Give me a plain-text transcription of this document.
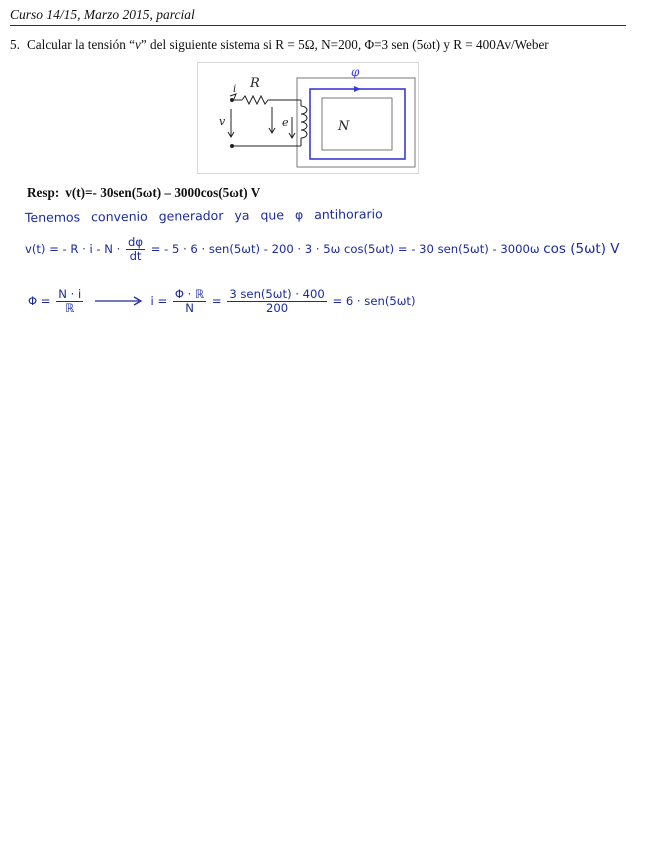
Curso 14/15, Marzo 2015, parcial
5. Calcular la tensión “v” del siguiente sistema si R = 5Ω, N=200, Φ=3 sen (5ωt) y R = 400Av/Weber
φ
i R
v	e	N
Resp: v(t)=- 30sen(5ωt) – 3000cos(5ωt) V
Tenemos convenio generador ya que φ antihorario
v(t) = - $R \cdot i - N \cdot \frac{d\varphi}{dt}$ = - 5 · 6 · sen(5ωt) - 200 · 3 · 5ω cos(5ωt) = - 30 sen(5ωt) - 3000ω cos (5ωt) V
$\Phi = \frac{N \cdot i}{\text{ℝ}}$	$i = \frac{\text{Φ · ℝ}}{N} = \frac{\text{3 sen(5ωt) · 400}}{200} = 6 \cdot sen(5\omega t)$
